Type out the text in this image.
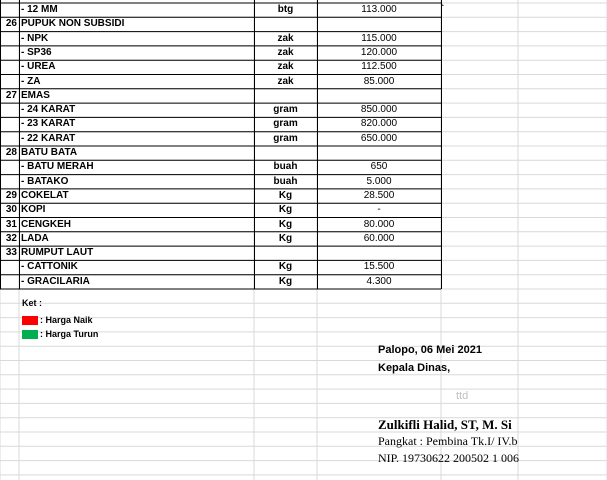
- 12 MM	btg	113.000	`
26 PUPUK NON SUBSIDI
- NPK	zak	115.000
- SP36	zak	120.000
- UREA	zak	112.500
- ZA	zak	85.000
27 EMAS
- 24 KARAT	gram	850.000
- 23 KARAT	gram	820.000
- 22 KARAT	gram	650.000
28 BATU BATA
- BATU MERAH	buah	650
- BATAKO	buah	5.000
29 COKELAT	Kg	28.500
30 KOPI	Kg	-
31 CENGKEH	Kg	80.000
32 LADA	Kg	60.000
33 RUMPUT LAUT
- CATTONIK	Kg	15.500
- GRACILARIA	Kg	4.300
Ket :
: Harga Naik
: Harga Turun
Palopo, 06 Mei 2021
Kepala Dinas,
ttd
Zulkifli Halid, ST, M. Si
Pangkat : Pembina Tk.I/ IV.b
NIP. 19730622 200502 1 006
